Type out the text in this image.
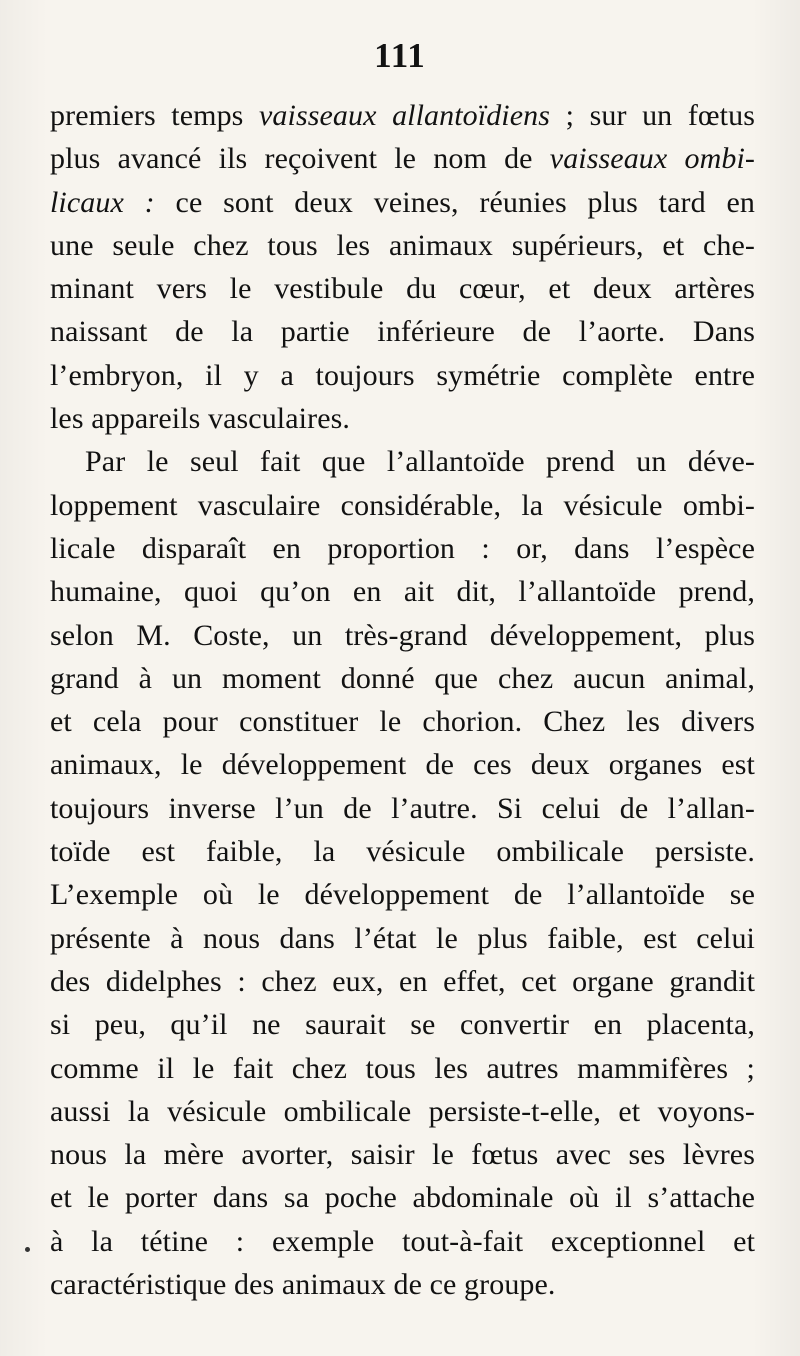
111
premiers temps vaisseaux allantoïdiens ; sur un fœtus
plus avancé ils reçoivent le nom de vaisseaux ombi-
licaux : ce sont deux veines, réunies plus tard en
une seule chez tous les animaux supérieurs, et che-
minant vers le vestibule du cœur, et deux artères
naissant de la partie inférieure de l’aorte. Dans
l’embryon, il y a toujours symétrie complète entre
les appareils vasculaires.
Par le seul fait que l’allantoïde prend un déve-
loppement vasculaire considérable, la vésicule ombi-
licale disparaît en proportion : or, dans l’espèce
humaine, quoi qu’on en ait dit, l’allantoïde prend,
selon M. Coste, un très-grand développement, plus
grand à un moment donné que chez aucun animal,
et cela pour constituer le chorion. Chez les divers
animaux, le développement de ces deux organes est
toujours inverse l’un de l’autre. Si celui de l’allan-
toïde est faible, la vésicule ombilicale persiste.
L’exemple où le développement de l’allantoïde se
présente à nous dans l’état le plus faible, est celui
des didelphes : chez eux, en effet, cet organe grandit
si peu, qu’il ne saurait se convertir en placenta,
comme il le fait chez tous les autres mammifères ;
aussi la vésicule ombilicale persiste-t-elle, et voyons-
nous la mère avorter, saisir le fœtus avec ses lèvres
et le porter dans sa poche abdominale où il s’attache
à la tétine : exemple tout-à-fait exceptionnel et
caractéristique des animaux de ce groupe.
